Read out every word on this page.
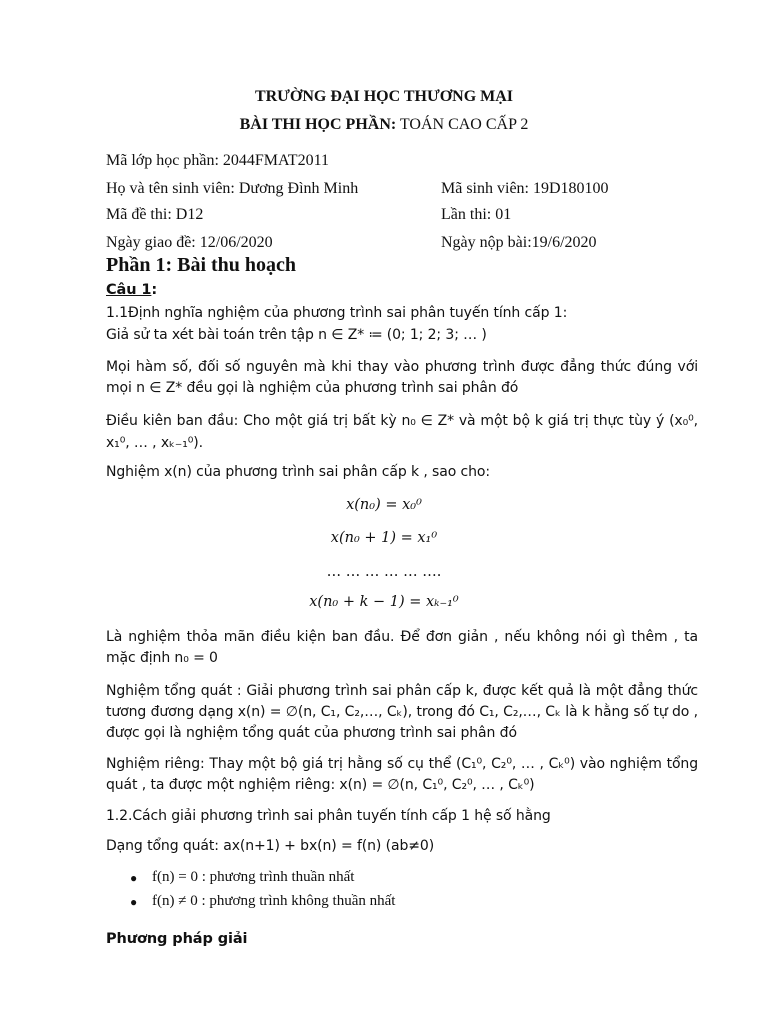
TRƯỜNG ĐẠI HỌC THƯƠNG MẠI
BÀI THI HỌC PHẦN: TOÁN CAO CẤP 2
Mã lớp học phần: 2044FMAT2011
Họ và tên sinh viên: Dương Đình Minh	Mã sinh viên: 19D180100
Mã đề thi: D12	Lần thi: 01
Ngày giao đề: 12/06/2020	Ngày nộp bài:19/6/2020
Phần 1: Bài thu hoạch
Câu 1:
1.1Định nghĩa nghiệm của phương trình sai phân tuyến tính cấp 1:
Giả sử ta xét bài toán trên tập n ∈ Z* ≔ (0; 1; 2; 3; … )
Mọi hàm số, đối số nguyên mà khi thay vào phương trình được đẳng thức đúng với mọi n ∈ Z* đều gọi là nghiệm của phương trình sai phân đó
Điều kiên ban đầu: Cho một giá trị bất kỳ n₀ ∈ Z* và một bộ k giá trị thực tùy ý (x₀⁰, x₁⁰, … , xₖ₋₁⁰).
Nghiệm x(n) của phương trình sai phân cấp k , sao cho:
x(n₀) = x₀⁰
x(n₀ + 1) = x₁⁰
… … … … … ….
x(n₀ + k − 1) = xₖ₋₁⁰
Là nghiệm thỏa mãn điều kiện ban đầu. Để đơn giản , nếu không nói gì thêm , ta mặc định n₀ = 0
Nghiệm tổng quát : Giải phương trình sai phân cấp k, được kết quả là một đẳng thức tương đương dạng x(n) = ∅(n, C₁, C₂,…, Cₖ), trong đó C₁, C₂,…, Cₖ là k hằng số tự do , được gọi là nghiệm tổng quát của phương trình sai phân đó
Nghiệm riêng: Thay một bộ giá trị hằng số cụ thể (C₁⁰, C₂⁰, … , Cₖ⁰) vào nghiệm tổng quát , ta được một nghiệm riêng: x(n) = ∅(n, C₁⁰, C₂⁰, … , Cₖ⁰)
1.2.Cách giải phương trình sai phân tuyến tính cấp 1 hệ số hằng
Dạng tổng quát: ax(n+1) + bx(n) = f(n) (ab≠0)
● f(n) = 0 : phương trình thuần nhất
● f(n) ≠ 0 : phương trình không thuần nhất
Phương pháp giải
